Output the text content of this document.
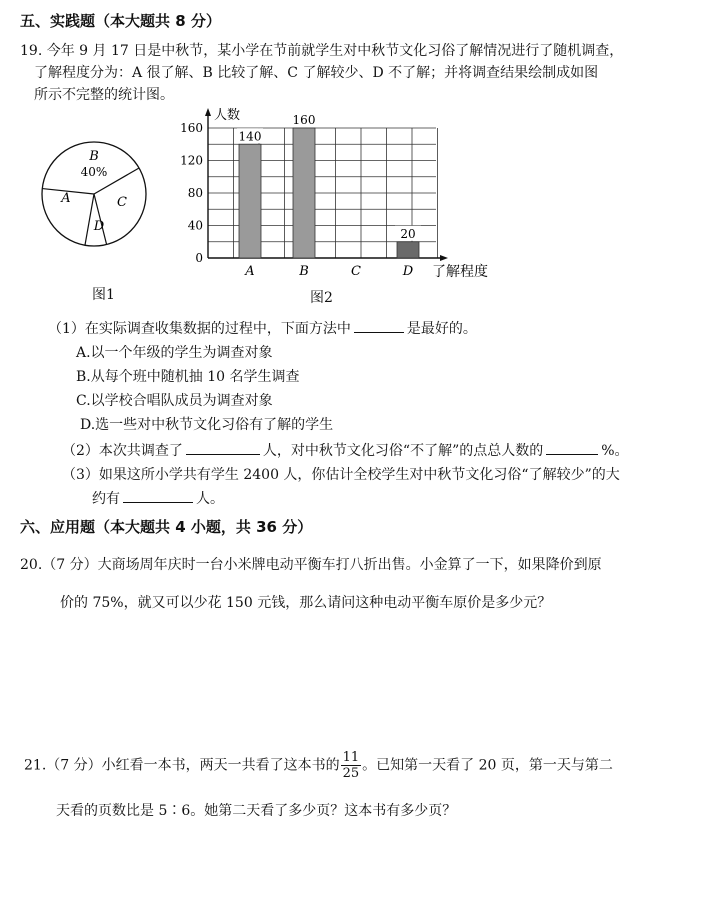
五、实践题（本大题共 8 分）
19. 今年 9 月 17 日是中秋节，某小学在节前就学生对中秋节文化习俗了解情况进行了随机调查，
了解程度分为：A 很了解、B 比较了解、C 了解较少、D 不了解；并将调查结果绘制成如图
所示不完整的统计图。
B
40%
A	C
D
图1
人数
了解程度
0
40
80
120
160
A
140
B
160
C	D
20
图2
（1）在实际调查收集数据的过程中，下面方法中	是最好的。
A.以一个年级的学生为调查对象
B.从每个班中随机抽 10 名学生调查
C.以学校合唱队成员为调查对象
D.选一些对中秋节文化习俗有了解的学生
（2）本次共调查了	人，对中秋节文化习俗“不了解”的点总人数的	%。
（3）如果这所小学共有学生 2400 人，你估计全校学生对中秋节文化习俗“了解较少”的大
约有	人。
六、应用题（本大题共 4 小题，共 36 分）
20.（7 分）大商场周年庆时一台小米牌电动平衡车打八折出售。小金算了一下，如果降价到原
价的 75%，就又可以少花 150 元钱，那么请问这种电动平衡车原价是多少元？
21.（7 分）小红看一本书，两天一共看了这本书的 $\frac{11}{25}$ 。已知第一天看了 20 页，第一天与第二
天看的页数比是 5∶6。她第二天看了多少页？这本书有多少页？
